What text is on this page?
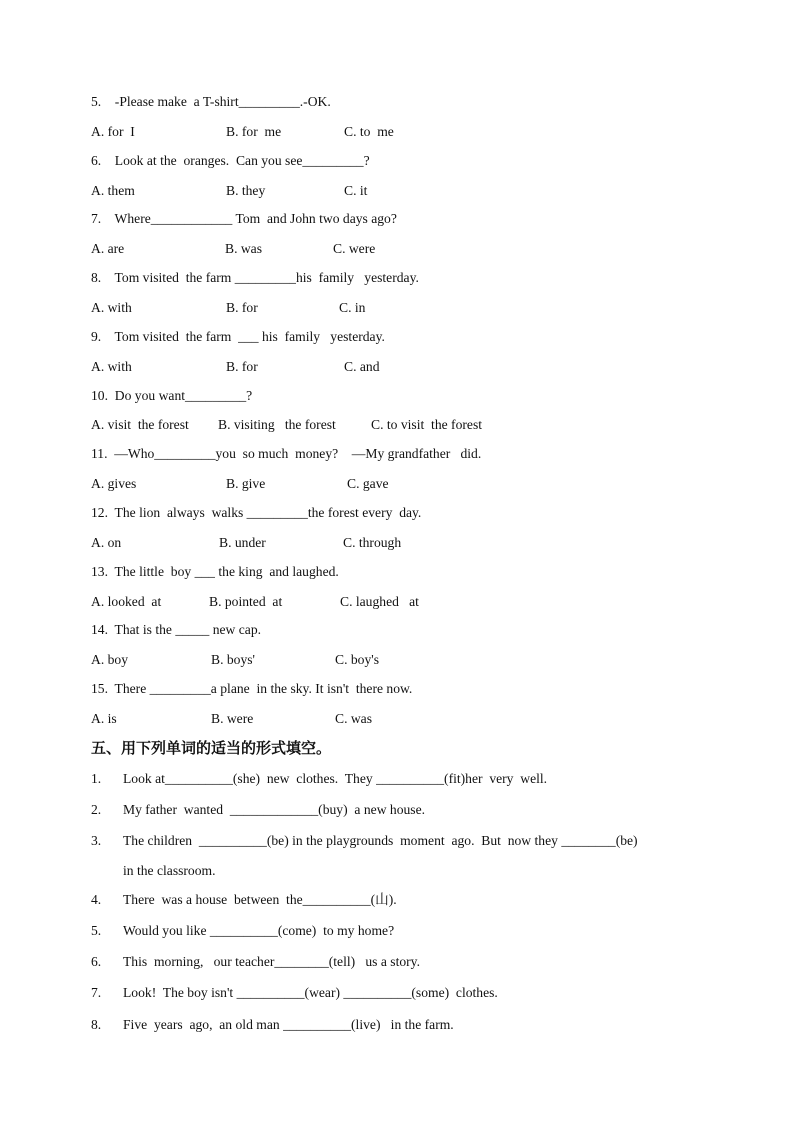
5.    -Please make  a T-shirt_________.-OK.
A. for  I	B. for  me	C. to  me
6.    Look at the  oranges.  Can you see_________?
A. them	B. they	C. it
7.    Where____________ Tom  and John two days ago?
A. are	B. was	C. were
8.    Tom visited  the farm _________his  family   yesterday.
A. with	B. for	C. in
9.    Tom visited  the farm  ___ his  family   yesterday.
A. with	B. for	C. and
10.  Do you want_________?
A. visit  the forest B. visiting   the forest	C. to visit  the forest
11.  —Who_________you  so much  money?    —My grandfather   did.
A. gives	B. give	C. gave
12.  The lion  always  walks _________the forest every  day.
A. on	B. under	C. through
13.  The little  boy ___ the king  and laughed.
A. looked  at	B. pointed  at	C. laughed   at
14.  That is the _____ new cap.
A. boy	B. boys'	C. boy's
15.  There _________a plane  in the sky. It isn't  there now.
A. is	B. were	C. was
五、用下列单词的适当的形式填空。
1. Look at__________(she)  new  clothes.  They __________(fit)her  very  well.
2. My father  wanted  _____________(buy)  a new house.
3. The children  __________(be) in the playgrounds  moment  ago.  But  now they ________(be)
in the classroom.
4. There  was a house  between  the__________(山).
5. Would you like __________(come)  to my home?
6. This  morning,   our teacher________(tell)   us a story.
7. Look!  The boy isn't __________(wear) __________(some)  clothes.
8. Five  years  ago,  an old man __________(live)   in the farm.
